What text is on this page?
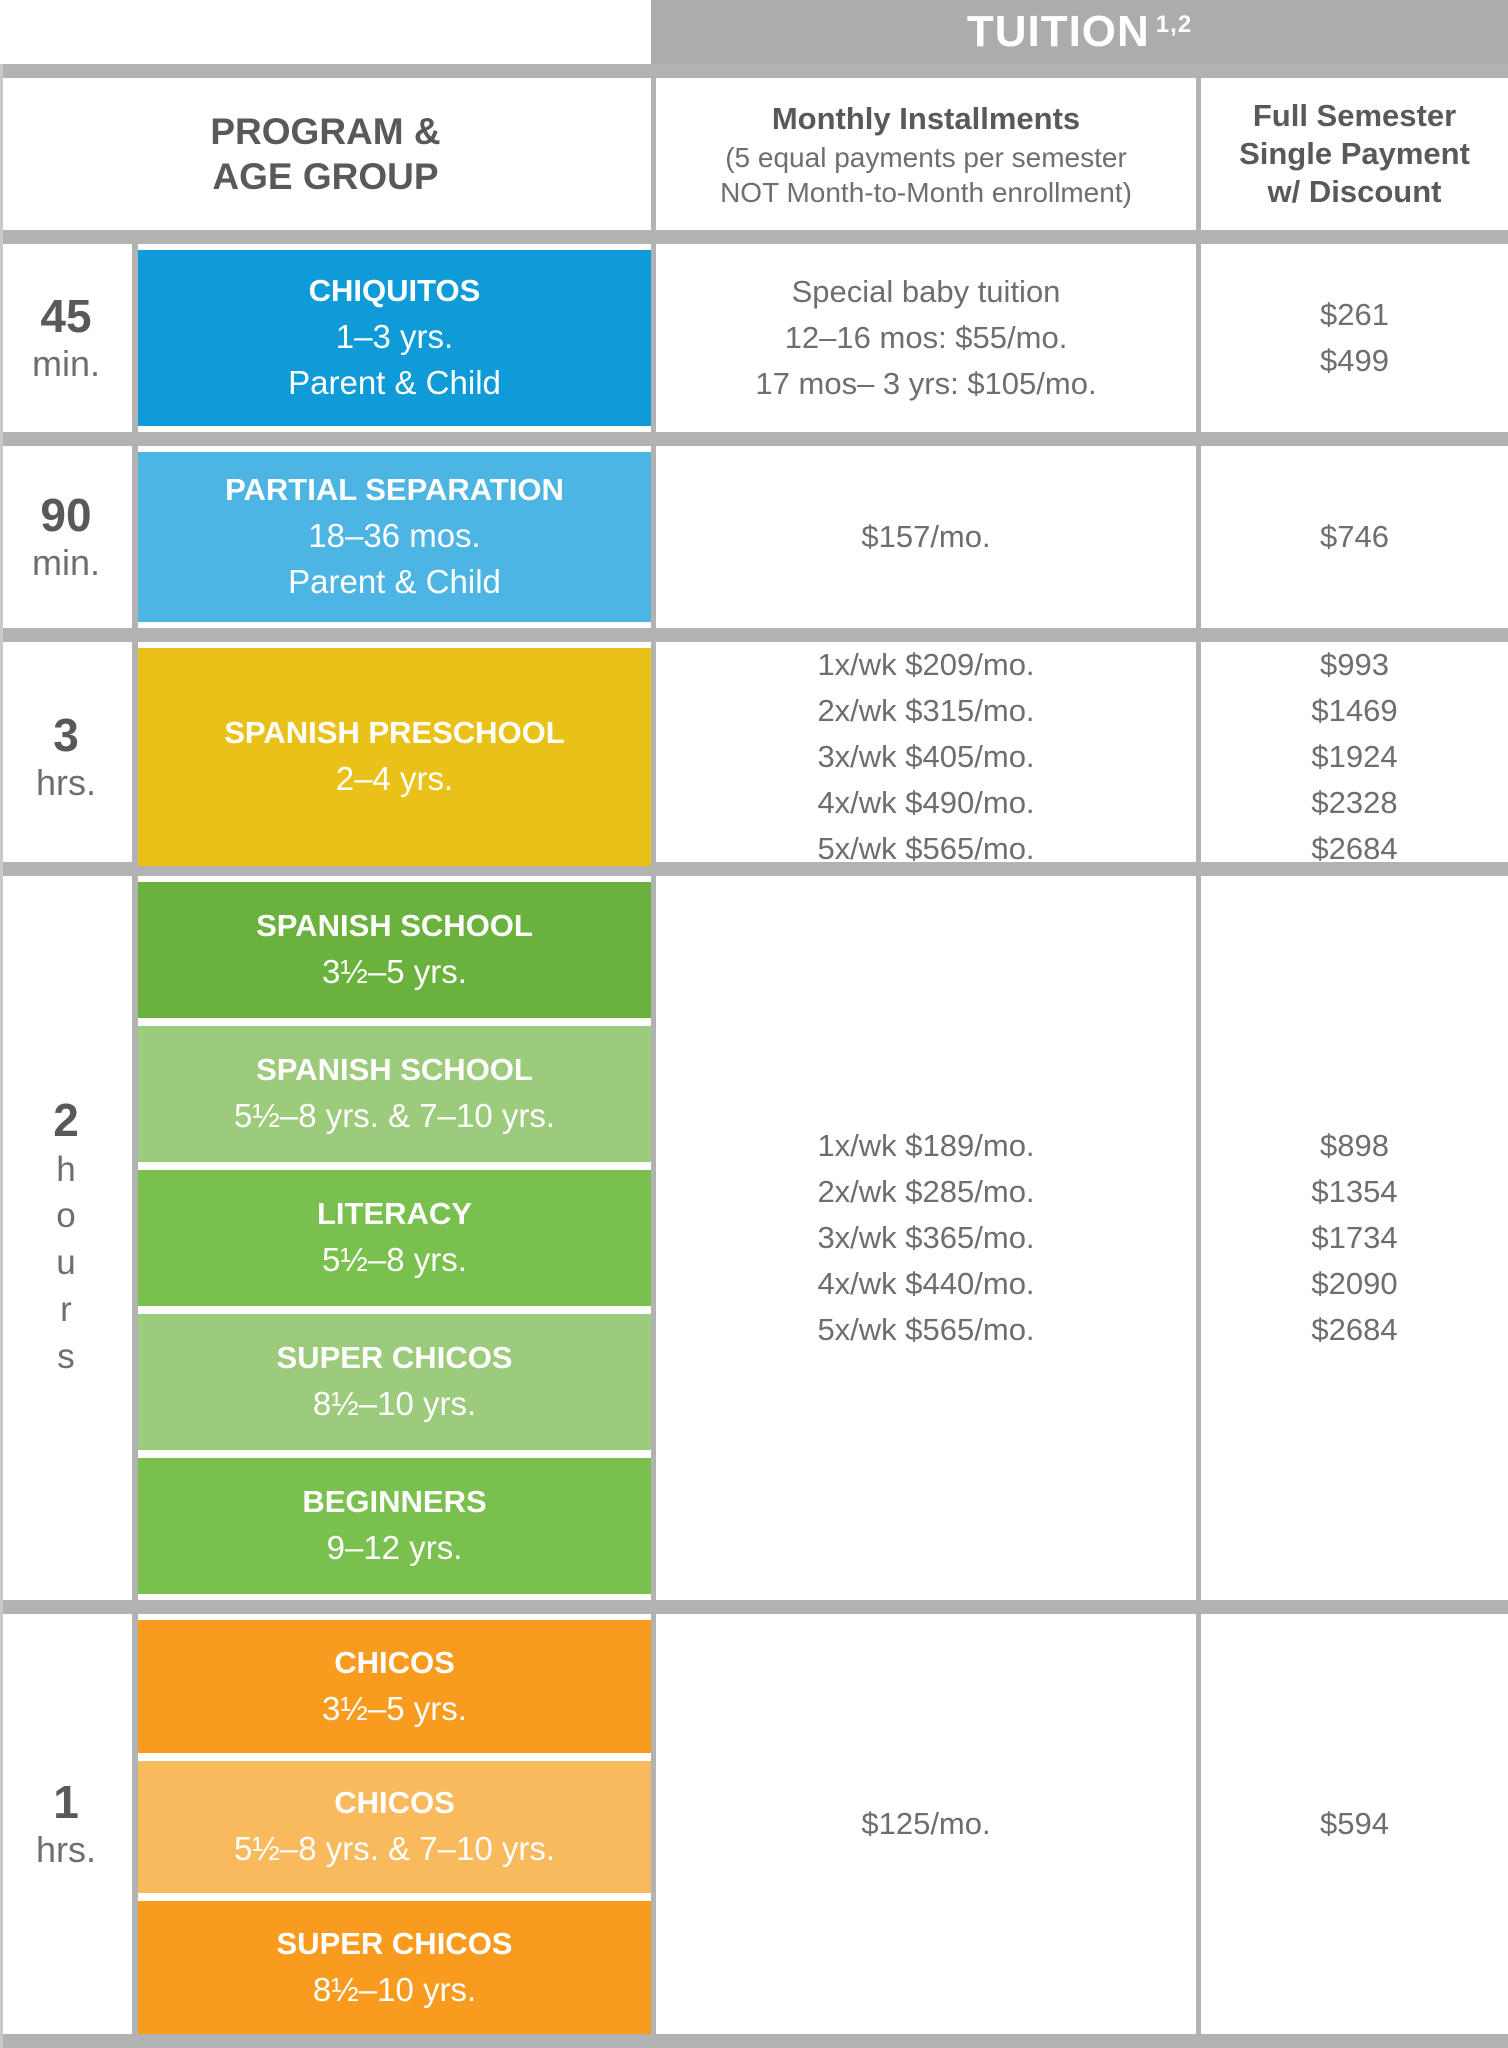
TUITION $^{1,2}$
PROGRAM &
AGE GROUP
Monthly Installments
(5 equal payments per semester
NOT Month-to-Month enrollment)
Full Semester
Single Payment
w/ Discount
45
min.
CHIQUITOS
1–3 yrs.
Parent & Child
Special baby tuition
12–16 mos: $55/mo.
17 mos– 3 yrs: $105/mo.
$261
$499
90
min.
PARTIAL SEPARATION
18–36 mos.
Parent & Child
$157/mo.	$746
3
hrs.
SPANISH PRESCHOOL
2–4 yrs.
1x/wk $209/mo.
2x/wk $315/mo.
3x/wk $405/mo.
4x/wk $490/mo.
5x/wk $565/mo.
$993
$1469
$1924
$2328
$2684
2
h
o
u
r
s
SPANISH SCHOOL
3½–5 yrs.
SPANISH SCHOOL
5½–8 yrs. & 7–10 yrs.
LITERACY
5½–8 yrs.
SUPER CHICOS
8½–10 yrs.
BEGINNERS
9–12 yrs.
1x/wk $189/mo.
2x/wk $285/mo.
3x/wk $365/mo.
4x/wk $440/mo.
5x/wk $565/mo.
$898
$1354
$1734
$2090
$2684
1
hrs.
CHICOS
3½–5 yrs.
CHICOS
5½–8 yrs. & 7–10 yrs.
SUPER CHICOS
8½–10 yrs.
$125/mo.	$594
